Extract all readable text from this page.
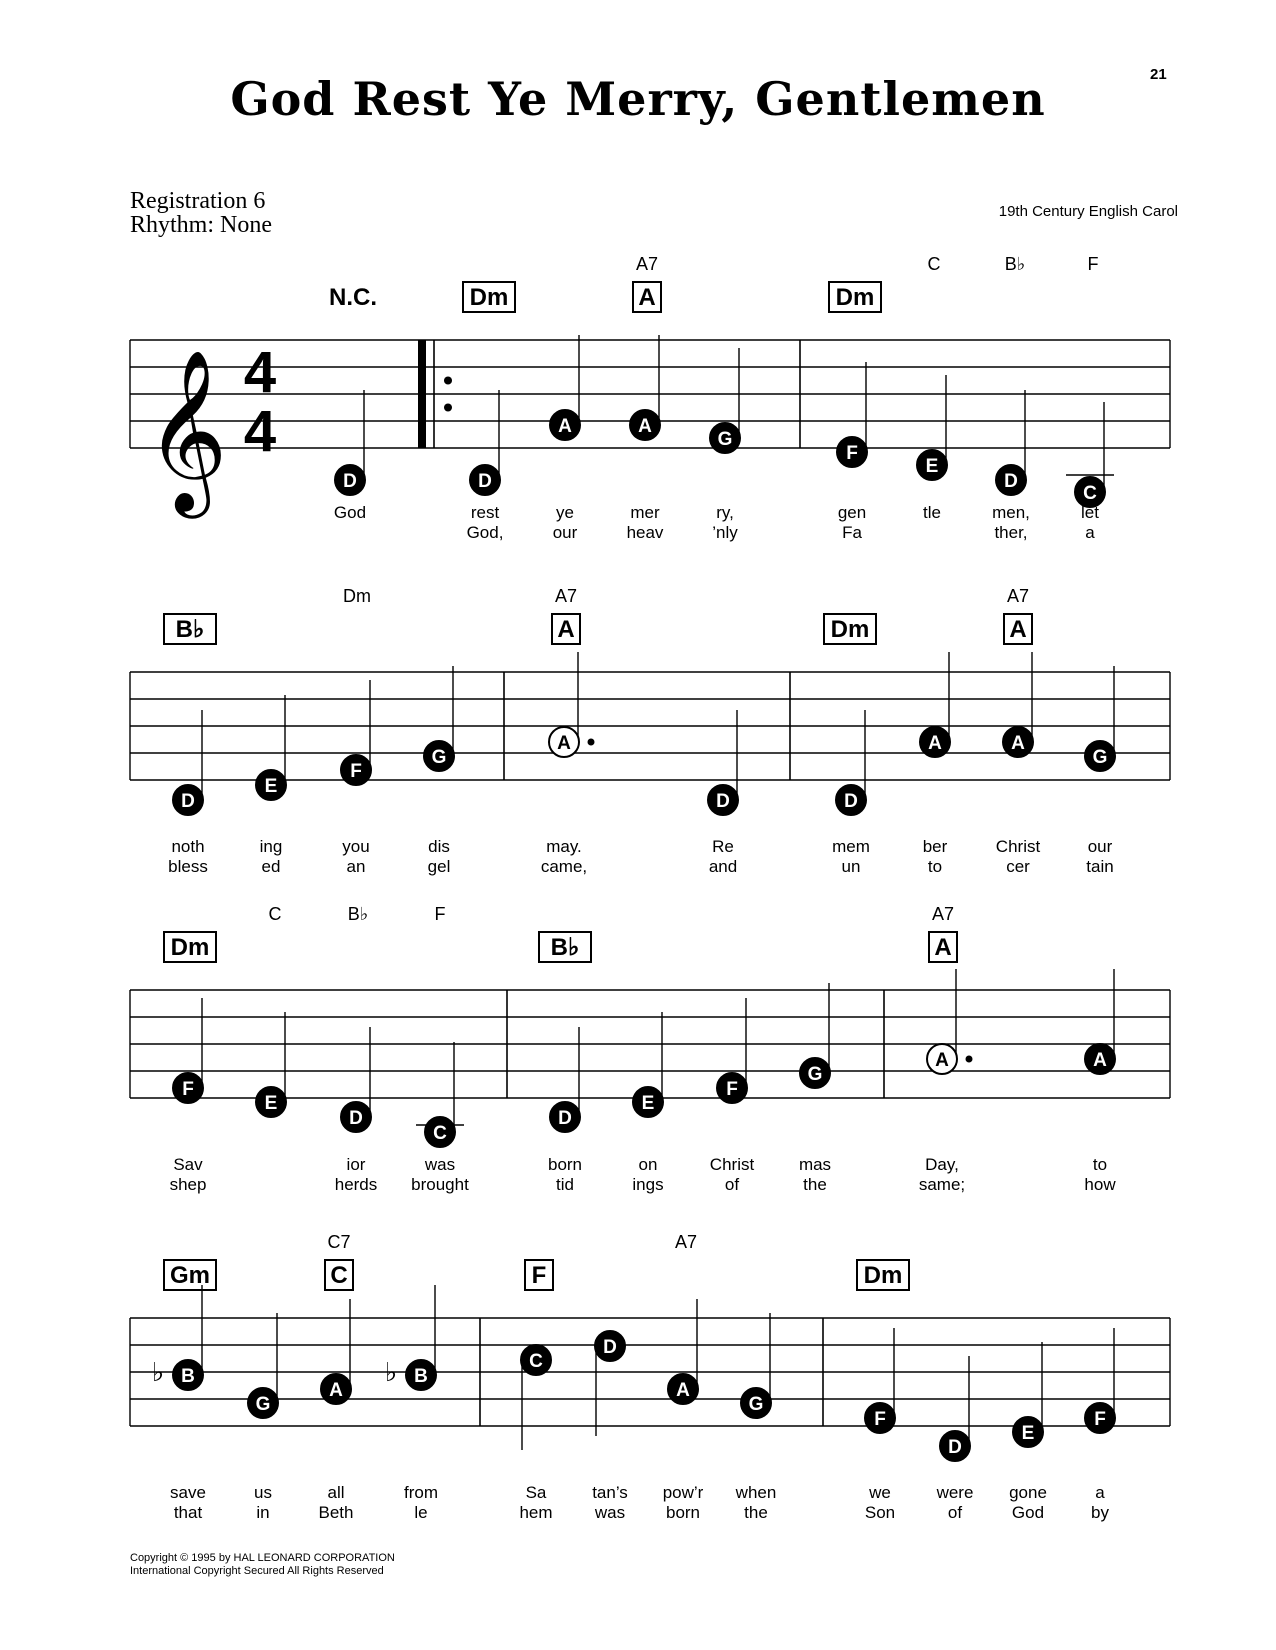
21
God Rest Ye Merry, Gentlemen
Registration 6
Rhythm: None
19th Century English Carol
Copyright © 1995 by HAL LEONARD CORPORATION
International Copyright Secured All Rights Reserved
𝄞 4
4
N.C.	Dm
A7
A	Dm
C	B♭	F
D
God
D
rest
God,
A
ye
our
A
mer
heav
G
ry,
’nly
F
gen
Fa
E
tle
D
men,
ther,
C
let
a
B♭
Dm	A7
A	Dm
A7
A
D
noth
bless
E
ing
ed
F
you
an
G
dis
gel
A
may.
came,
D
Re
and
D
mem
un
A
ber
to
A
Christ
cer
G
our
tain
Dm
C	B♭	F
B♭
A7
A
F
Sav
shep
E
D
ior
herds
C
was
brought
D
born
tid
E
on
ings
F
Christ
of
G
mas
the
A
Day,
same;
A
to
how
♭	♭
Gm
C7
C	F
A7
Dm
B
save
that
G
us
in
A
all
Beth
B
from
le
C
Sa
hem
D
tan’s
was
A
pow’r
born
G
when
the
F
we
Son
D
were
of
E
gone
God
F
a
by
